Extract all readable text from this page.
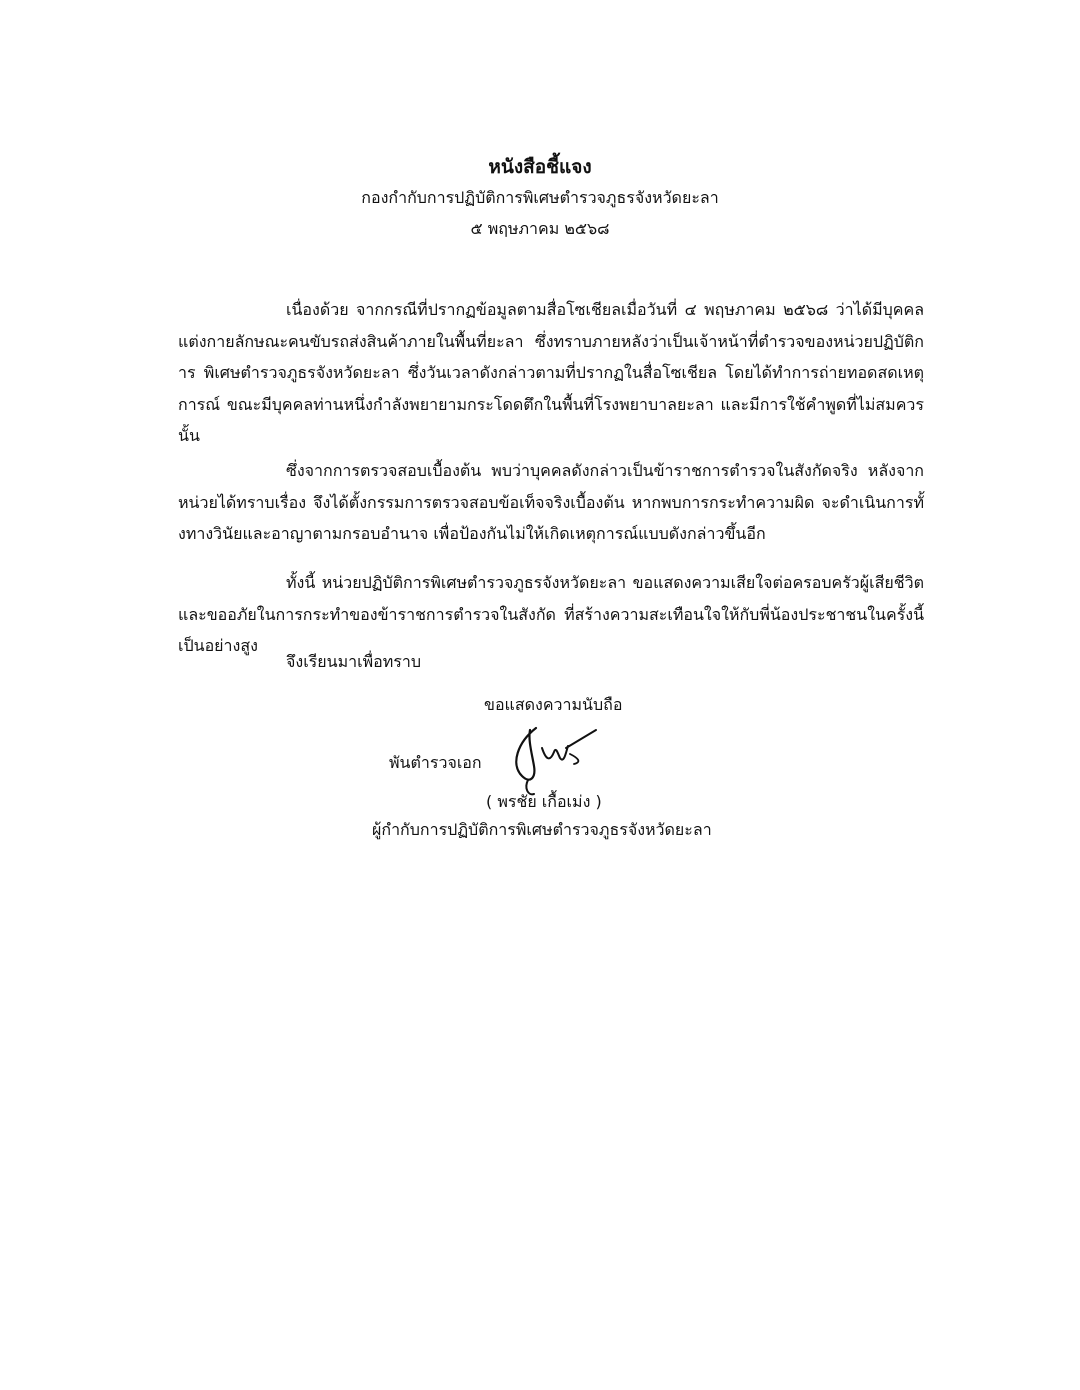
หนังสือชี้แจง
กองกำกับการปฏิบัติการพิเศษตำรวจภูธรจังหวัดยะลา
๕ พฤษภาคม ๒๕๖๘
เนื่องด้วย จากกรณีที่ปรากฏข้อมูลตามสื่อโซเชียลเมื่อวันที่ ๔ พฤษภาคม ๒๕๖๘ ว่าได้มีบุคคล แต่งกายลักษณะคนขับรถส่งสินค้าภายในพื้นที่ยะลา ซึ่งทราบภายหลังว่าเป็นเจ้าหน้าที่ตำรวจของหน่วยปฏิบัติการ พิเศษตำรวจภูธรจังหวัดยะลา ซึ่งวันเวลาดังกล่าวตามที่ปรากฏในสื่อโซเชียล โดยได้ทำการถ่ายทอดสดเหตุการณ์ ขณะมีบุคคลท่านหนึ่งกำลังพยายามกระโดดตึกในพื้นที่โรงพยาบาลยะลา และมีการใช้คำพูดที่ไม่สมควรนั้น
ซึ่งจากการตรวจสอบเบื้องต้น พบว่าบุคคลดังกล่าวเป็นข้าราชการตำรวจในสังกัดจริง หลังจากหน่วยได้ทราบเรื่อง จึงได้ตั้งกรรมการตรวจสอบข้อเท็จจริงเบื้องต้น หากพบการกระทำความผิด จะดำเนินการทั้งทางวินัยและอาญาตามกรอบอำนาจ เพื่อป้องกันไม่ให้เกิดเหตุการณ์แบบดังกล่าวขึ้นอีก
ทั้งนี้ หน่วยปฏิบัติการพิเศษตำรวจภูธรจังหวัดยะลา ขอแสดงความเสียใจต่อครอบครัวผู้เสียชีวิต และขออภัยในการกระทำของข้าราชการตำรวจในสังกัด ที่สร้างความสะเทือนใจให้กับพี่น้องประชาชนในครั้งนี้ เป็นอย่างสูง
จึงเรียนมาเพื่อทราบ
ขอแสดงความนับถือ
พันตำรวจเอก
( พรชัย เกื้อเม่ง )
ผู้กำกับการปฏิบัติการพิเศษตำรวจภูธรจังหวัดยะลา
